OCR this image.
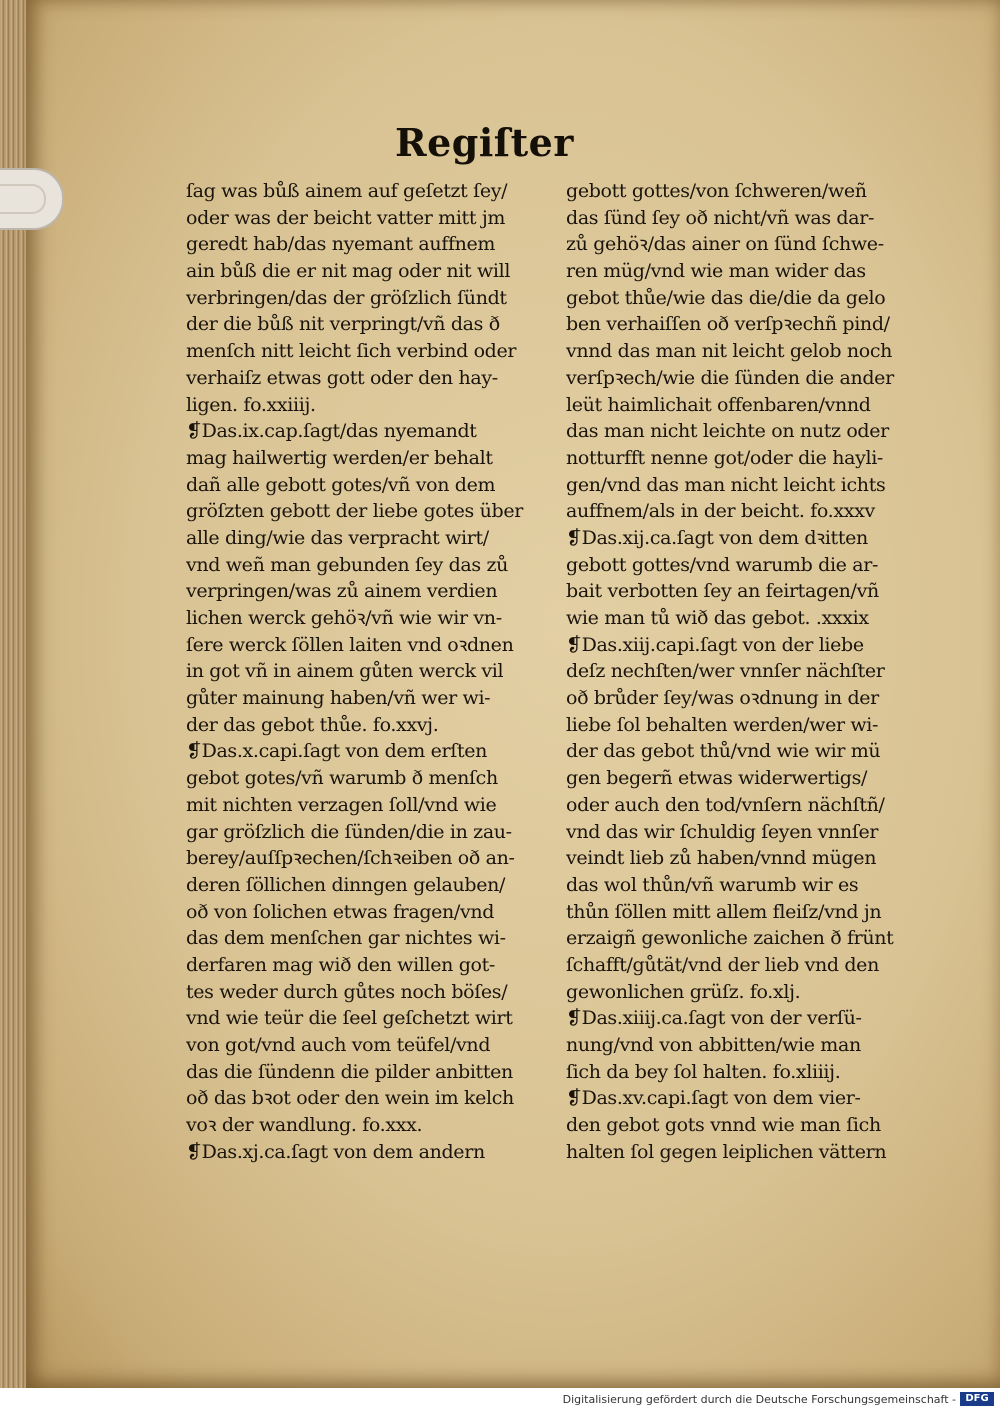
Regiſter
ſag was bůß ainem auf geſetzt ſey/
oder was der beicht vatter mitt jm
geredt hab/das nyemant auffnem
ain bůß die er nit mag oder nit will
verbringen/das der gröſzlich ſündt
der die bůß nit verpringt/vñ das ð
menſch nitt leicht ſich verbind oder
verhaiſz etwas gott oder den hay-
ligen. fo.xxiiij.
❡Das.ix.cap.ſagt/das nyemandt
mag hailwertig werden/er behalt
dañ alle gebott gotes/vñ von dem
gröſzten gebott der liebe gotes über
alle ding/wie das verpracht wirt/
vnd weñ man gebunden ſey das zů
verpringen/was zů ainem verdien
lichen werck gehöꝛ/vñ wie wir vn-
ſere werck ſöllen laiten vnd oꝛdnen
in got vñ in ainem gůten werck vil
gůter mainung haben/vñ wer wi-
der das gebot thůe. fo.xxvj.
❡Das.x.capi.ſagt von dem erſten
gebot gotes/vñ warumb ð menſch
mit nichten verzagen ſoll/vnd wie
gar gröſzlich die ſünden/die in zau-
berey/auſſpꝛechen/ſchꝛeiben oð an-
deren ſöllichen dinngen gelauben/
oð von ſolichen etwas fragen/vnd
das dem menſchen gar nichtes wi-
derfaren mag wið den willen got-
tes weder durch gůtes noch böſes/
vnd wie teür die ſeel geſchetzt wirt
von got/vnd auch vom teüfel/vnd
das die ſündenn die pilder anbitten
oð das bꝛot oder den wein im kelch
voꝛ der wandlung. fo.xxx.
❡Das.xj.ca.ſagt von dem andern
gebott gottes/von ſchweren/weñ
das ſünd ſey oð nicht/vñ was dar-
zů gehöꝛ/das ainer on ſünd ſchwe-
ren müg/vnd wie man wider das
gebot thůe/wie das die/die da gelo
ben verhaiſſen oð verſpꝛechñ pind/
vnnd das man nit leicht gelob noch
verſpꝛech/wie die ſünden die ander
leüt haimlichait offenbaren/vnnd
das man nicht leichte on nutz oder
notturfft nenne got/oder die hayli-
gen/vnd das man nicht leicht ichts
auffnem/als in der beicht. fo.xxxv
❡Das.xij.ca.ſagt von dem dꝛitten
gebott gottes/vnd warumb die ar-
bait verbotten ſey an feirtagen/vñ
wie man tů wið das gebot. .xxxix
❡Das.xiij.capi.ſagt von der liebe
deſz nechſten/wer vnnſer nächſter
oð brůder ſey/was oꝛdnung in der
liebe ſol behalten werden/wer wi-
der das gebot thů/vnd wie wir mü
gen begerñ etwas widerwertigs/
oder auch den tod/vnſern nächſtñ/
vnd das wir ſchuldig ſeyen vnnſer
veindt lieb zů haben/vnnd mügen
das wol thůn/vñ warumb wir es
thůn ſöllen mitt allem fleiſz/vnd jn
erzaigñ gewonliche zaichen ð frünt
ſchafft/gůtät/vnd der lieb vnd den
gewonlichen grüſz. fo.xlj.
❡Das.xiiij.ca.ſagt von der verſü-
nung/vnd von abbitten/wie man
ſich da bey ſol halten. fo.xliiij.
❡Das.xv.capi.ſagt von dem vier-
den gebot gots vnnd wie man ſich
halten ſol gegen leiplichen vättern
Digitalisierung gefördert durch die Deutsche Forschungsgemeinschaft - DFG
